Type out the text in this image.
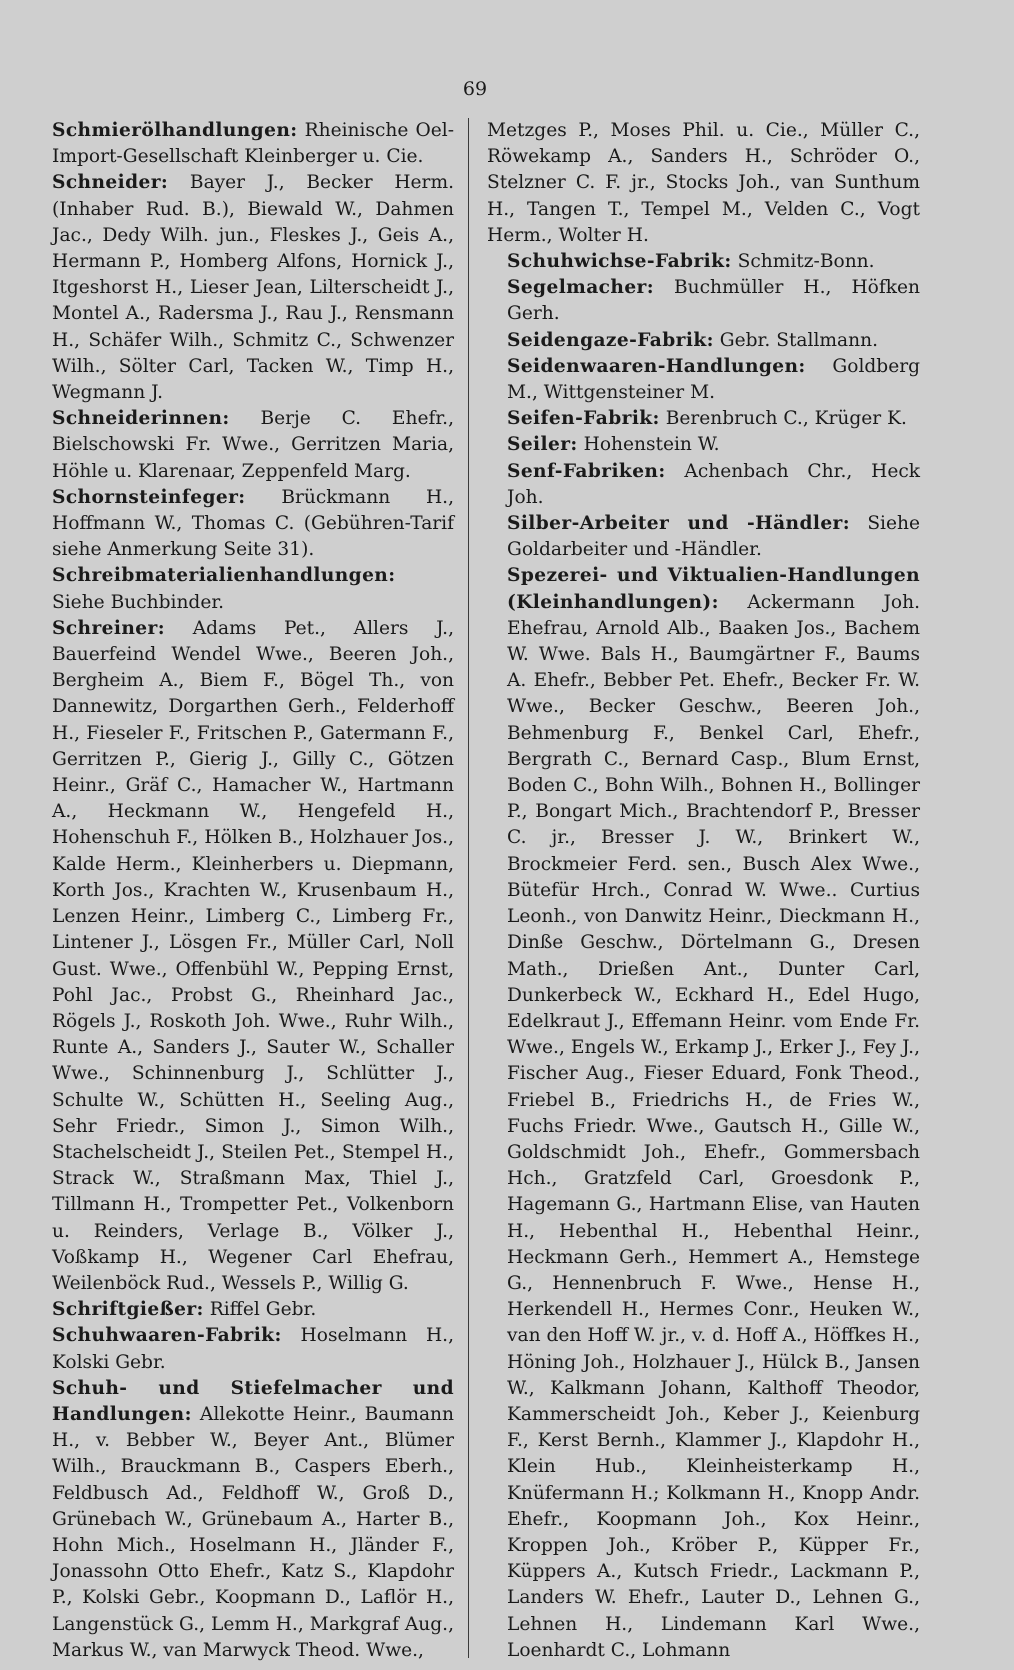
69

Schmierölhandlungen: Rheinische Oel-Import-Gesellschaft Kleinberger u. Cie.

Schneider: Bayer J., Becker Herm. (Inhaber Rud. B.), Biewald W., Dahmen Jac., Dedy Wilh. jun., Fleskes J., Geis A., Hermann P., Homberg Alfons, Hornick J., Itgeshorst H., Lieser Jean, Lilterscheidt J., Montel A., Radersma J., Rau J., Rensmann H., Schäfer Wilh., Schmitz C., Schwenzer Wilh., Sölter Carl, Tacken W., Timp H., Wegmann J.

Schneiderinnen: Berje C. Ehefr., Bielschowski Fr. Wwe., Gerritzen Maria, Höhle u. Klarenaar, Zeppenfeld Marg.

Schornsteinfeger: Brückmann H., Hoffmann W., Thomas C. (Gebühren-Tarif siehe Anmerkung Seite 31).

Schreibmaterialienhandlungen: Siehe Buchbinder.

Schreiner: Adams Pet., Allers J., Bauerfeind Wendel Wwe., Beeren Joh., Bergheim A., Biem F., Bögel Th., von Dannewitz, Dorgarthen Gerh., Felderhoff H., Fieseler F., Fritschen P., Gatermann F., Gerritzen P., Gierig J., Gilly C., Götzen Heinr., Gräf C., Hamacher W., Hartmann A., Heckmann W., Hengefeld H., Hohenschuh F., Hölken B., Holzhauer Jos., Kalde Herm., Kleinherbers u. Diepmann, Korth Jos., Krachten W., Krusenbaum H., Lenzen Heinr., Limberg C., Limberg Fr., Lintener J., Lösgen Fr., Müller Carl, Noll Gust. Wwe., Offenbühl W., Pepping Ernst, Pohl Jac., Probst G., Rheinhard Jac., Rögels J., Roskoth Joh. Wwe., Ruhr Wilh., Runte A., Sanders J., Sauter W., Schaller Wwe., Schinnenburg J., Schlütter J., Schulte W., Schütten H., Seeling Aug., Sehr Friedr., Simon J., Simon Wilh., Stachelscheidt J., Steilen Pet., Stempel H., Strack W., Straßmann Max, Thiel J., Tillmann H., Trompetter Pet., Volkenborn u. Reinders, Verlage B., Völker J., Voßkamp H., Wegener Carl Ehefrau, Weilenböck Rud., Wessels P., Willig G.

Schriftgießer: Riffel Gebr.

Schuhwaaren-Fabrik: Hoselmann H., Kolski Gebr.

Schuh- und Stiefelmacher und Handlungen: Allekotte Heinr., Baumann H., v. Bebber W., Beyer Ant., Blümer Wilh., Brauckmann B., Caspers Eberh., Feldbusch Ad., Feldhoff W., Groß D., Grünebach W., Grünebaum A., Harter B., Hohn Mich., Hoselmann H., Jländer F., Jonassohn Otto Ehefr., Katz S., Klapdohr P., Kolski Gebr., Koopmann D., Laflör H., Langenstück G., Lemm H., Markgraf Aug., Markus W., van Marwyck Theod. Wwe.,

Metzges P., Moses Phil. u. Cie., Müller C., Röwekamp A., Sanders H., Schröder O., Stelzner C. F. jr., Stocks Joh., van Sunthum H., Tangen T., Tempel M., Velden C., Vogt Herm., Wolter H.

Schuhwichse-Fabrik: Schmitz-Bonn.

Segelmacher: Buchmüller H., Höfken Gerh.

Seidengaze-Fabrik: Gebr. Stallmann.

Seidenwaaren-Handlungen: Goldberg M., Wittgensteiner M.

Seifen-Fabrik: Berenbruch C., Krüger K.

Seiler: Hohenstein W.

Senf-Fabriken: Achenbach Chr., Heck Joh.

Silber-Arbeiter und -Händler: Siehe Goldarbeiter und -Händler.

Spezerei- und Viktualien-Handlungen (Kleinhandlungen): Ackermann Joh. Ehefrau, Arnold Alb., Baaken Jos., Bachem W. Wwe. Bals H., Baumgärtner F., Baums A. Ehefr., Bebber Pet. Ehefr., Becker Fr. W. Wwe., Becker Geschw., Beeren Joh., Behmenburg F., Benkel Carl, Ehefr., Bergrath C., Bernard Casp., Blum Ernst, Boden C., Bohn Wilh., Bohnen H., Bollinger P., Bongart Mich., Brachtendorf P., Bresser C. jr., Bresser J. W., Brinkert W., Brockmeier Ferd. sen., Busch Alex Wwe., Bütefür Hrch., Conrad W. Wwe.. Curtius Leonh., von Danwitz Heinr., Dieckmann H., Dinße Geschw., Dörtelmann G., Dresen Math., Drießen Ant., Dunter Carl, Dunkerbeck W., Eckhard H., Edel Hugo, Edelkraut J., Effemann Heinr. vom Ende Fr. Wwe., Engels W., Erkamp J., Erker J., Fey J., Fischer Aug., Fieser Eduard, Fonk Theod., Friebel B., Friedrichs H., de Fries W., Fuchs Friedr. Wwe., Gautsch H., Gille W., Goldschmidt Joh., Ehefr., Gommersbach Hch., Gratzfeld Carl, Groesdonk P., Hagemann G., Hartmann Elise, van Hauten H., Hebenthal H., Hebenthal Heinr., Heckmann Gerh., Hemmert A., Hemstege G., Hennenbruch F. Wwe., Hense H., Herkendell H., Hermes Conr., Heuken W., van den Hoff W. jr., v. d. Hoff A., Höffkes H., Höning Joh., Holzhauer J., Hülck B., Jansen W., Kalkmann Johann, Kalthoff Theodor, Kammerscheidt Joh., Keber J., Keienburg F., Kerst Bernh., Klammer J., Klapdohr H., Klein Hub., Kleinheisterkamp H., Knüfermann H.; Kolkmann H., Knopp Andr. Ehefr., Koopmann Joh., Kox Heinr., Kroppen Joh., Kröber P., Küpper Fr., Küppers A., Kutsch Friedr., Lackmann P., Landers W. Ehefr., Lauter D., Lehnen G., Lehnen H., Lindemann Karl Wwe., Loenhardt C., Lohmann
